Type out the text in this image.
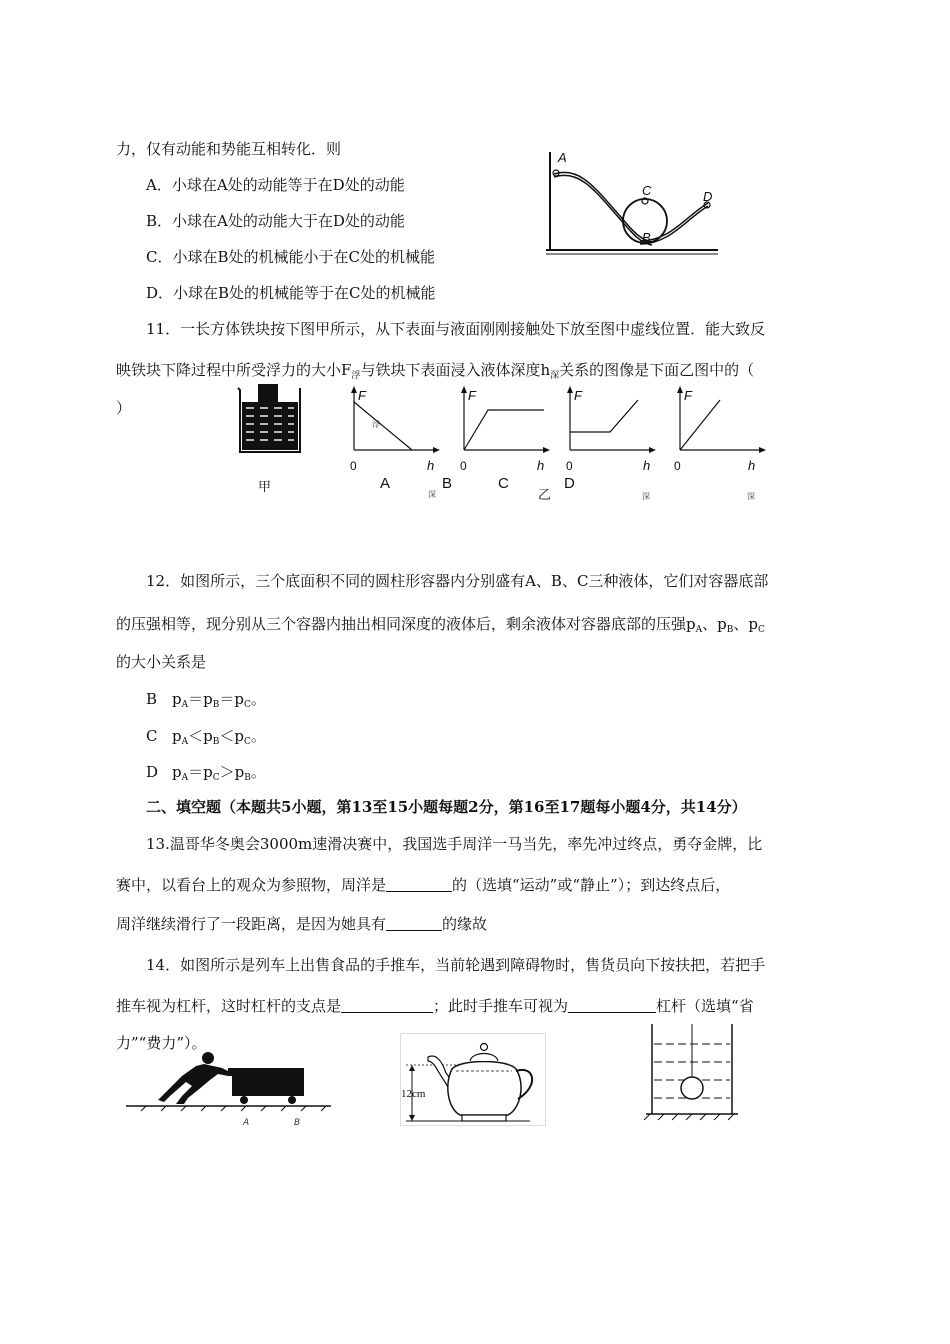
力，仅有动能和势能互相转化．则
A．小球在A处的动能等于在D处的动能
B．小球在A处的动能大于在D处的动能
C．小球在B处的机械能小于在C处的机械能
D．小球在B处的机械能等于在C处的机械能
A
C	D
B
11．一长方体铁块按下图甲所示，从下表面与液面刚刚接触处下放至图中虚线位置．能大致反
映铁块下降过程中所受浮力的大小$F_浮$与铁块下表面浸入液体深度$h_深$关系的图像是下面乙图中的（
）
甲
F
浮
0	h
深
F
0	h
F
0	h
深
F
0	h
深
A	B	C	D
乙
12．如图所示，三个底面积不同的圆柱形容器内分别盛有A、B、C三种液体，它们对容器底部
的压强相等，现分别从三个容器内抽出相同深度的液体后，剩余液体对容器底部的压强$p_A$、$p_B$、$p_C$
的大小关系是
B $p_A=p_B=p_C$。
C $p_A<p_B<p_C$。
D $p_A=p_C>p_B$。
二、填空题（本题共5小题，第13至15小题每题2分，第16至17题每小题4分，共14分）
13.温哥华冬奥会3000m速滑决赛中，我国选手周洋一马当先，率先冲过终点，勇夺金牌，比
赛中，以看台上的观众为参照物，周洋是	的（选填“运动”或“静止”）；到达终点后，
周洋继续滑行了一段距离，是因为她具有	的缘故
14．如图所示是列车上出售食品的手推车，当前轮遇到障碍物时，售货员向下按扶把，若把手
推车视为杠杆，这时杠杆的支点是	；此时手推车可视为	杠杆（选填“省
力”“费力”）。
A	B
12cm
